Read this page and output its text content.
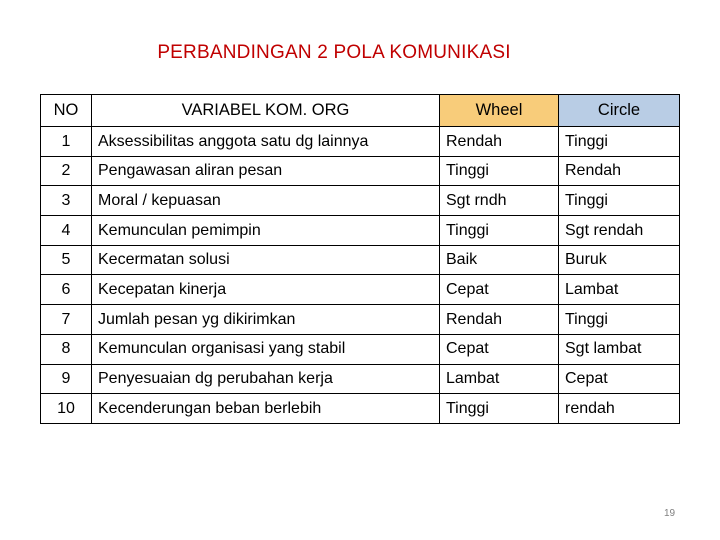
PERBANDINGAN 2 POLA KOMUNIKASI
NO	VARIABEL KOM. ORG	Wheel	Circle
1	Aksessibilitas anggota satu dg lainnya	Rendah	Tinggi
2	Pengawasan aliran pesan	Tinggi	Rendah
3	Moral / kepuasan	Sgt rndh	Tinggi
4	Kemunculan pemimpin	Tinggi	Sgt rendah
5	Kecermatan solusi	Baik	Buruk
6	Kecepatan kinerja	Cepat	Lambat
7	Jumlah pesan yg dikirimkan	Rendah	Tinggi
8	Kemunculan organisasi yang stabil	Cepat	Sgt lambat
9	Penyesuaian dg perubahan kerja	Lambat	Cepat
10	Kecenderungan beban berlebih	Tinggi	rendah
19
